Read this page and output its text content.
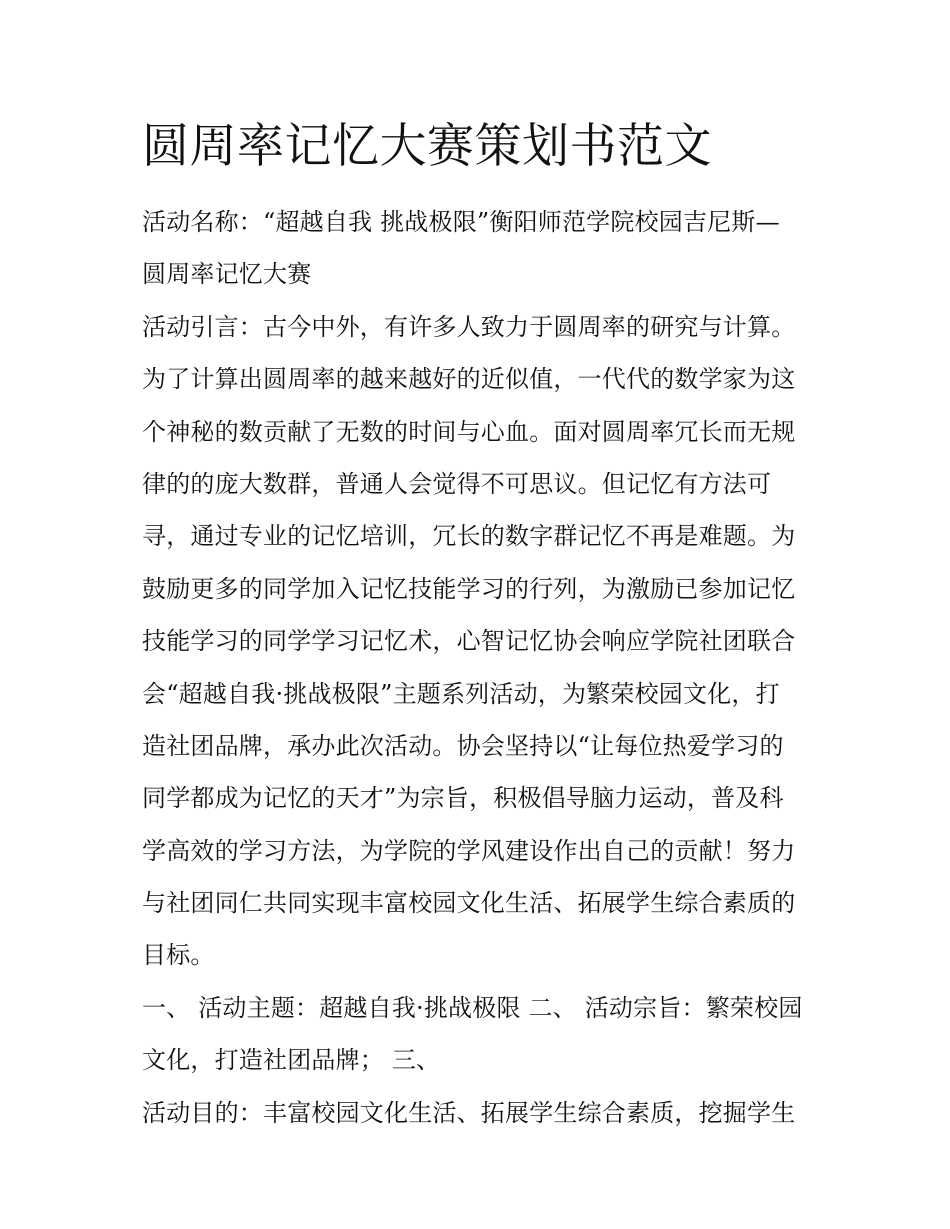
圆周率记忆大赛策划书范文
活动名称：“超越自我 挑战极限”衡阳师范学院校园吉尼斯—
圆周率记忆大赛
活动引言：古今中外，有许多人致力于圆周率的研究与计算。
为了计算出圆周率的越来越好的近似值，一代代的数学家为这
个神秘的数贡献了无数的时间与心血。面对圆周率冗长而无规
律的的庞大数群，普通人会觉得不可思议。但记忆有方法可
寻，通过专业的记忆培训，冗长的数字群记忆不再是难题。为
鼓励更多的同学加入记忆技能学习的行列，为激励已参加记忆
技能学习的同学学习记忆术，心智记忆协会响应学院社团联合
会“超越自我·挑战极限”主题系列活动，为繁荣校园文化，打
造社团品牌，承办此次活动。协会坚持以“让每位热爱学习的
同学都成为记忆的天才”为宗旨，积极倡导脑力运动，普及科
学高效的学习方法，为学院的学风建设作出自己的贡献！努力
与社团同仁共同实现丰富校园文化生活、拓展学生综合素质的
目标。
一、 活动主题：超越自我·挑战极限 二、 活动宗旨：繁荣校园
文化，打造社团品牌； 三、
活动目的：丰富校园文化生活、拓展学生综合素质，挖掘学生
